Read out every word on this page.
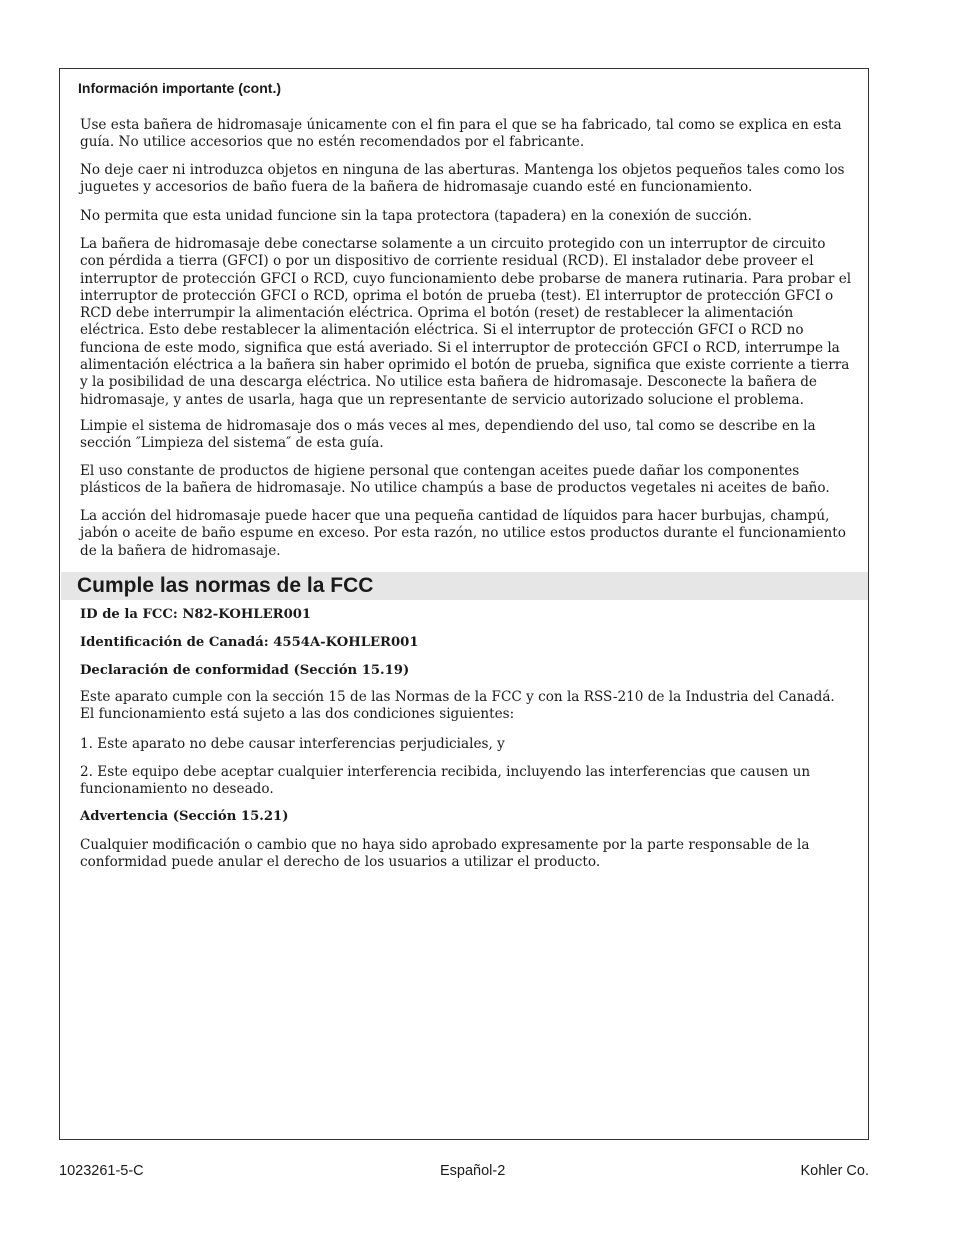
Información importante (cont.)

Use esta bañera de hidromasaje únicamente con el fin para el que se ha fabricado, tal como se explica en esta guía. No utilice accesorios que no estén recomendados por el fabricante.

No deje caer ni introduzca objetos en ninguna de las aberturas. Mantenga los objetos pequeños tales como los juguetes y accesorios de baño fuera de la bañera de hidromasaje cuando esté en funcionamiento.

No permita que esta unidad funcione sin la tapa protectora (tapadera) en la conexión de succión.

La bañera de hidromasaje debe conectarse solamente a un circuito protegido con un interruptor de circuito con pérdida a tierra (GFCI) o por un dispositivo de corriente residual (RCD). El instalador debe proveer el interruptor de protección GFCI o RCD, cuyo funcionamiento debe probarse de manera rutinaria. Para probar el interruptor de protección GFCI o RCD, oprima el botón de prueba (test). El interruptor de protección GFCI o RCD debe interrumpir la alimentación eléctrica. Oprima el botón (reset) de restablecer la alimentación eléctrica. Esto debe restablecer la alimentación eléctrica. Si el interruptor de protección GFCI o RCD no funciona de este modo, significa que está averiado. Si el interruptor de protección GFCI o RCD, interrumpe la alimentación eléctrica a la bañera sin haber oprimido el botón de prueba, significa que existe corriente a tierra y la posibilidad de una descarga eléctrica. No utilice esta bañera de hidromasaje. Desconecte la bañera de hidromasaje, y antes de usarla, haga que un representante de servicio autorizado solucione el problema.

Limpie el sistema de hidromasaje dos o más veces al mes, dependiendo del uso, tal como se describe en la sección ″Limpieza del sistema″ de esta guía.

El uso constante de productos de higiene personal que contengan aceites puede dañar los componentes plásticos de la bañera de hidromasaje. No utilice champús a base de productos vegetales ni aceites de baño.

La acción del hidromasaje puede hacer que una pequeña cantidad de líquidos para hacer burbujas, champú, jabón o aceite de baño espume en exceso. Por esta razón, no utilice estos productos durante el funcionamiento de la bañera de hidromasaje.

Cumple las normas de la FCC
ID de la FCC: N82-KOHLER001
Identificación de Canadá: 4554A-KOHLER001
Declaración de conformidad (Sección 15.19)

Este aparato cumple con la sección 15 de las Normas de la FCC y con la RSS-210 de la Industria del Canadá. El funcionamiento está sujeto a las dos condiciones siguientes:

1. Este aparato no debe causar interferencias perjudiciales, y

2. Este equipo debe aceptar cualquier interferencia recibida, incluyendo las interferencias que causen un funcionamiento no deseado.

Advertencia (Sección 15.21)

Cualquier modificación o cambio que no haya sido aprobado expresamente por la parte responsable de la conformidad puede anular el derecho de los usuarios a utilizar el producto.

1023261-5-C	Español-2	Kohler Co.
